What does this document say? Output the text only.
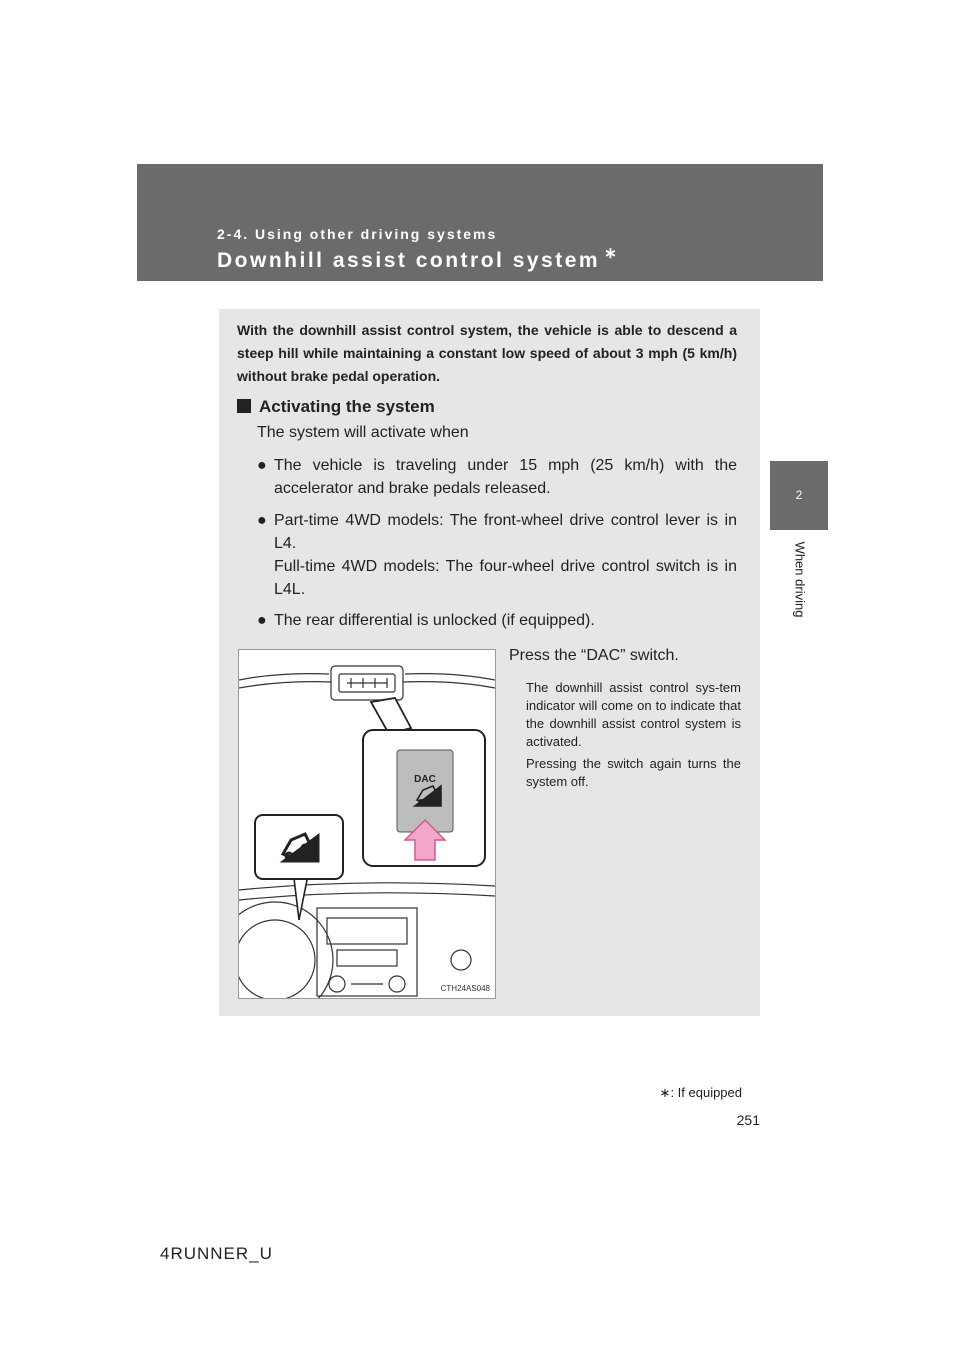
2-4. Using other driving systems
Downhill assist control system ∗
2
When driving
With the downhill assist control system, the vehicle is able to descend a steep hill while maintaining a constant low speed of about 3 mph (5 km/h) without brake pedal operation.
Activating the system
The system will activate when
● The vehicle is traveling under 15 mph (25 km/h) with the accelerator and brake pedals released.
● Part-time 4WD models: The front-wheel drive control lever is in L4.
Full-time 4WD models: The four-wheel drive control switch is in L4L.
● The rear differential is unlocked (if equipped).
Press the “DAC” switch.
The downhill assist control sys-tem indicator will come on to indicate that the downhill assist control system is activated.
Pressing the switch again turns the system off.
DAC
CTH24AS048
∗: If equipped
251
4RUNNER_U
